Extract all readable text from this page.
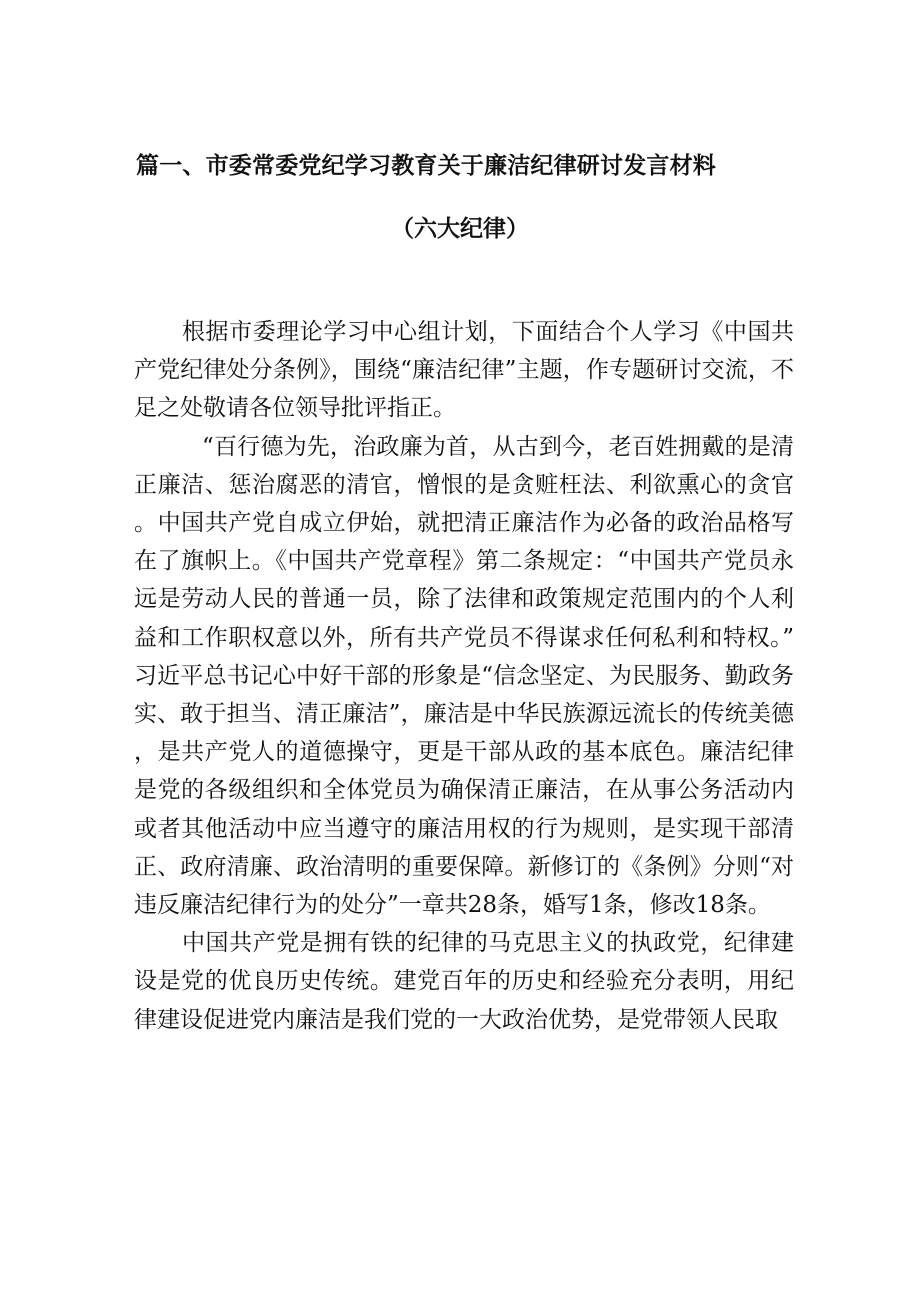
篇一、市委常委党纪学习教育关于廉洁纪律研讨发言材料
（六大纪律）

根据市委理论学习中心组计划，下面结合个人学习《中国共产党纪律处分条例》，围绕“廉洁纪律”主题，作专题研讨交流，不足之处敬请各位领导批评指正。

“百行德为先，治政廉为首，从古到今，老百姓拥戴的是清正廉洁、惩治腐恶的清官，憎恨的是贪赃枉法、利欲熏心的贪官。中国共产党自成立伊始，就把清正廉洁作为必备的政治品格写在了旗帜上。《中国共产党章程》第二条规定：“中国共产党员永远是劳动人民的普通一员，除了法律和政策规定范围内的个人利益和工作职权意以外，所有共产党员不得谋求任何私利和特权。”习近平总书记心中好干部的形象是“信念坚定、为民服务、勤政务实、敢于担当、清正廉洁”，廉洁是中华民族源远流长的传统美德，是共产党人的道德操守，更是干部从政的基本底色。廉洁纪律是党的各级组织和全体党员为确保清正廉洁，在从事公务活动内或者其他活动中应当遵守的廉洁用权的行为规则，是实现干部清正、政府清廉、政治清明的重要保障。新修订的《条例》分则“对违反廉洁纪律行为的处分”一章共28条，婚写1条，修改18条。

中国共产党是拥有铁的纪律的马克思主义的执政党，纪律建设是党的优良历史传统。建党百年的历史和经验充分表明，用纪律建设促进党内廉洁是我们党的一大政治优势，是党带领人民取
